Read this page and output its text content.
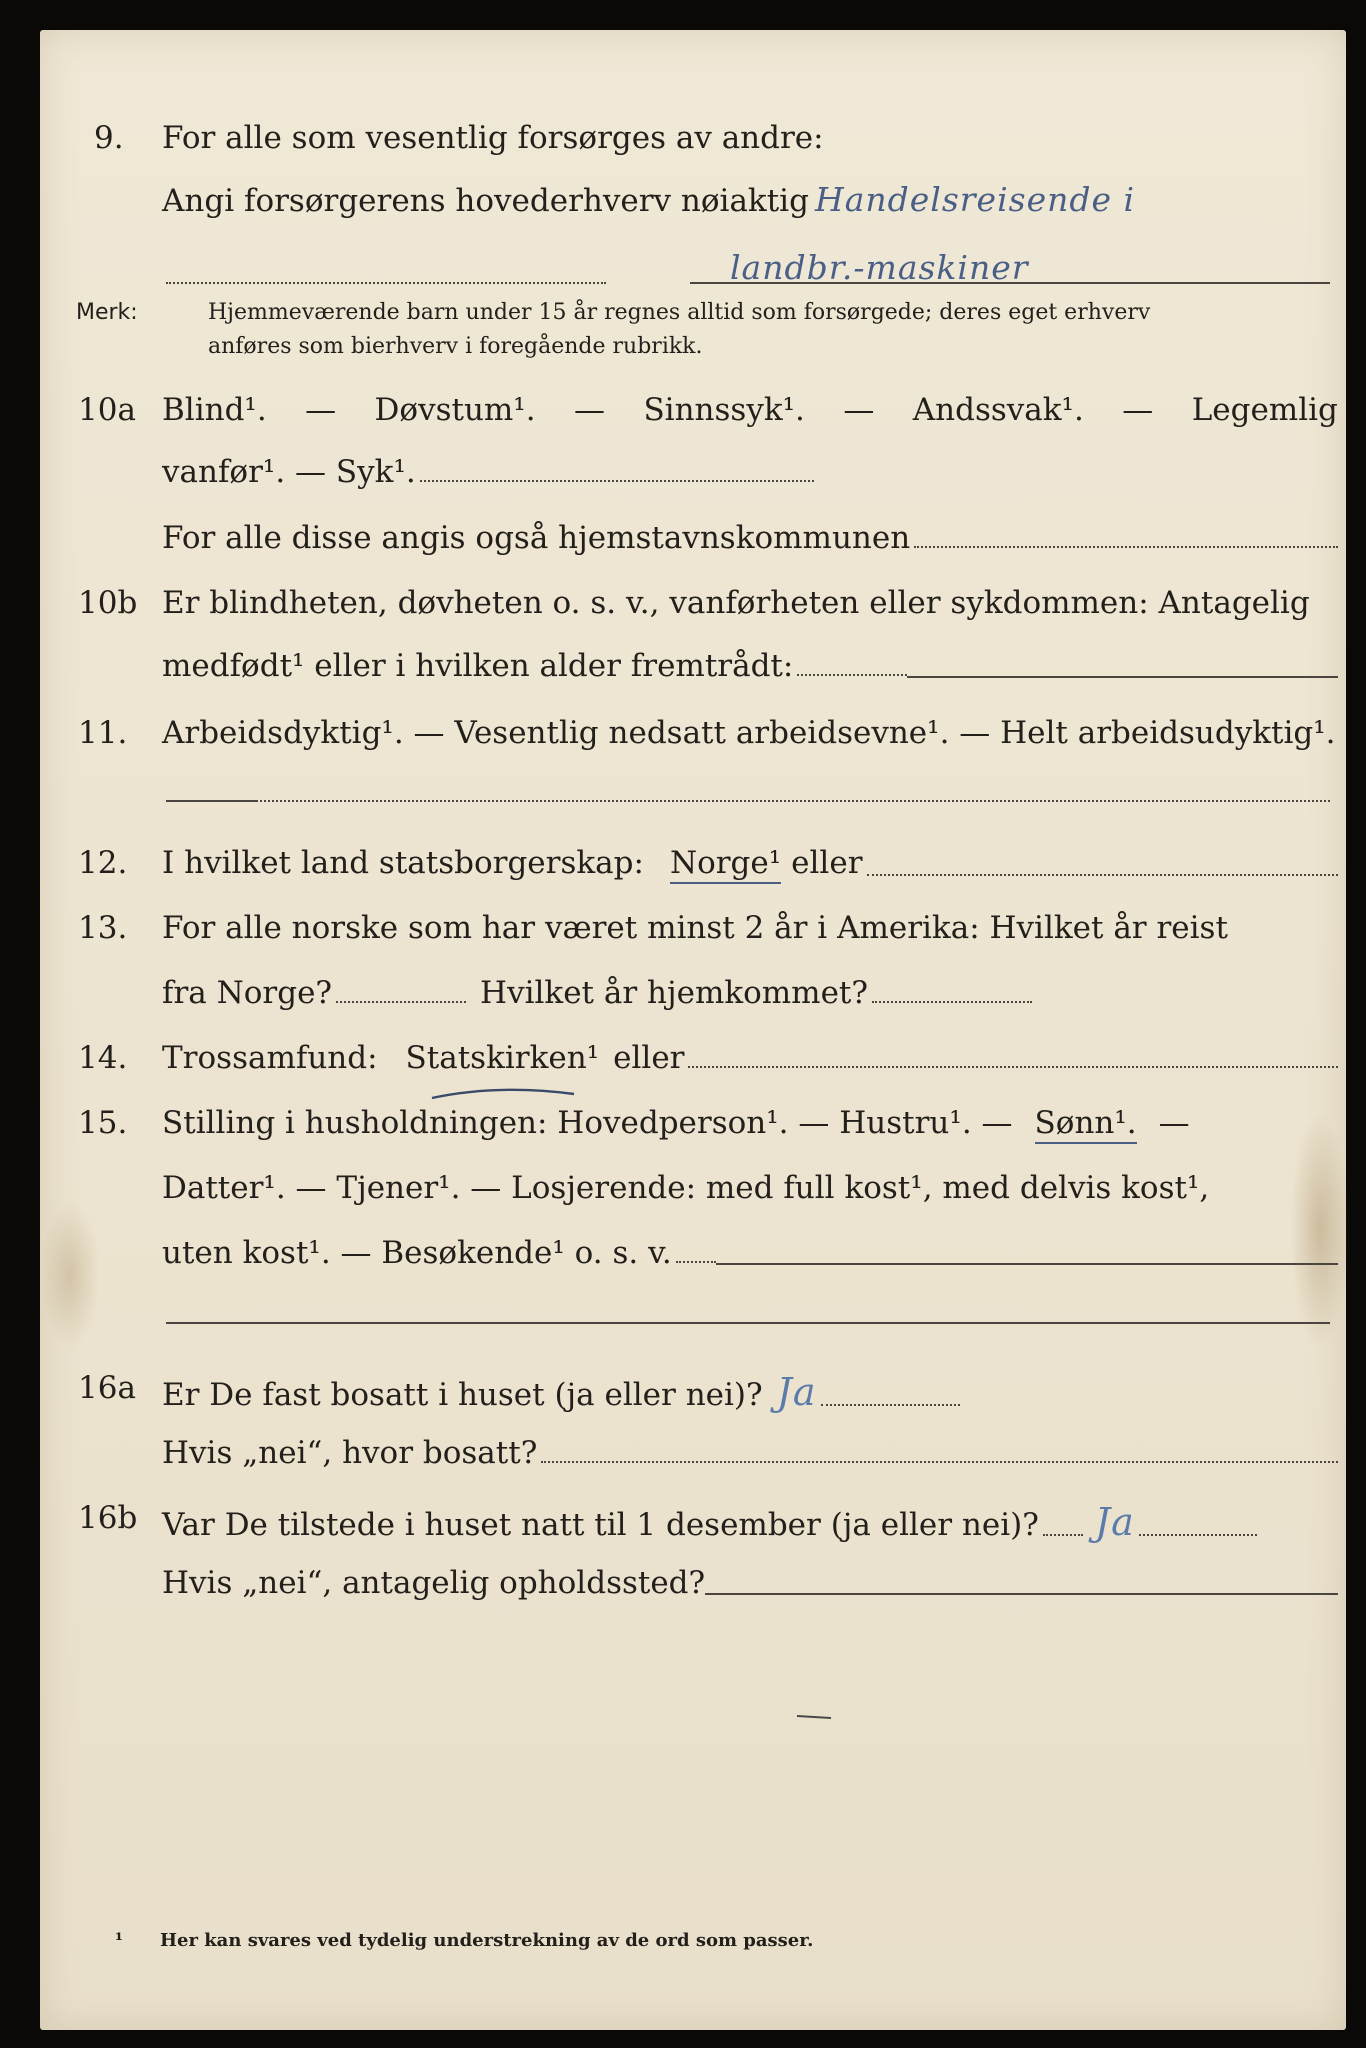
9. For alle som vesentlig forsørges av andre:
Angi forsørgerens hovederhverv nøiaktig Handelsreisende i
landbr.-maskiner
Merk:	Hjemmeværende barn under 15 år regnes alltid som forsørgede; deres eget erhverv
anføres som bierhverv i foregående rubrikk.
10a Blind¹. — Døvstum¹. — Sinnssyk¹. — Andssvak¹. — Legemlig
vanfør¹. — Syk¹.
For alle disse angis også hjemstavnskommunen
10b Er blindheten, døvheten o. s. v., vanførheten eller sykdommen: Antagelig
medfødt¹ eller i hvilken alder fremtrådt:
11. Arbeidsdyktig¹. — Vesentlig nedsatt arbeidsevne¹. — Helt arbeidsudyktig¹.
12. I hvilket land statsborgerskap: Norge¹ eller
13. For alle norske som har været minst 2 år i Amerika: Hvilket år reist
fra Norge?	Hvilket år hjemkommet?
14. Trossamfund: Statskirken¹ eller
15. Stilling i husholdningen: Hovedperson¹. — Hustru¹. — Sønn¹. —
Datter¹. — Tjener¹. — Losjerende: med full kost¹, med delvis kost¹,
uten kost¹. — Besøkende¹ o. s. v.
16a Er De fast bosatt i huset (ja eller nei)? Ja
Hvis „nei“, hvor bosatt?
16b Var De tilstede i huset natt til 1 desember (ja eller nei)? Ja
Hvis „nei“, antagelig opholdssted?
¹ Her kan svares ved tydelig understrekning av de ord som passer.
